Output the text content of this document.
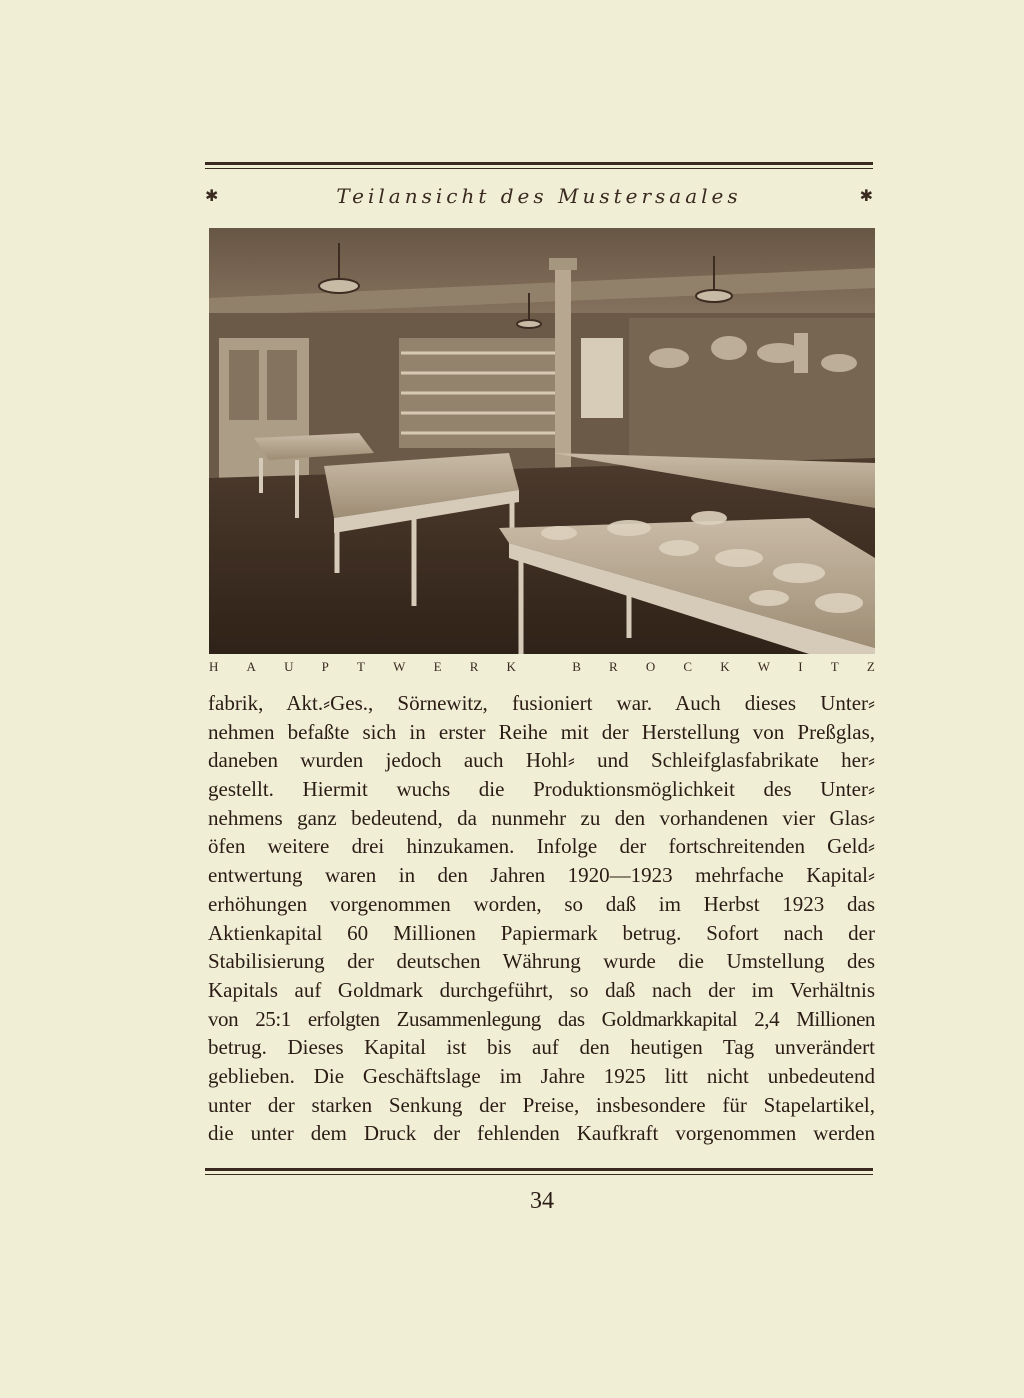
✱	Teilansicht des Mustersaales	✱
H A U P T W E R K	B R O C K W I T Z
fabrik, Akt.⸗Ges., Sörnewitz, fusioniert war. Auch dieses Unter⸗
nehmen befaßte sich in erster Reihe mit der Herstellung von Preßglas,
daneben wurden jedoch auch Hohl⸗ und Schleifglasfabrikate her⸗
gestellt. Hiermit wuchs die Produktionsmöglichkeit des Unter⸗
nehmens ganz bedeutend, da nunmehr zu den vorhandenen vier Glas⸗
öfen weitere drei hinzukamen. Infolge der fortschreitenden Geld⸗
entwertung waren in den Jahren 1920—1923 mehrfache Kapital⸗
erhöhungen vorgenommen worden, so daß im Herbst 1923 das
Aktienkapital 60 Millionen Papiermark betrug. Sofort nach der
Stabilisierung der deutschen Währung wurde die Umstellung des
Kapitals auf Goldmark durchgeführt, so daß nach der im Verhältnis
von 25:1 erfolgten Zusammenlegung das Goldmarkkapital 2,4 Millionen
betrug. Dieses Kapital ist bis auf den heutigen Tag unverändert
geblieben. Die Geschäftslage im Jahre 1925 litt nicht unbedeutend
unter der starken Senkung der Preise, insbesondere für Stapelartikel,
die unter dem Druck der fehlenden Kaufkraft vorgenommen werden
34
